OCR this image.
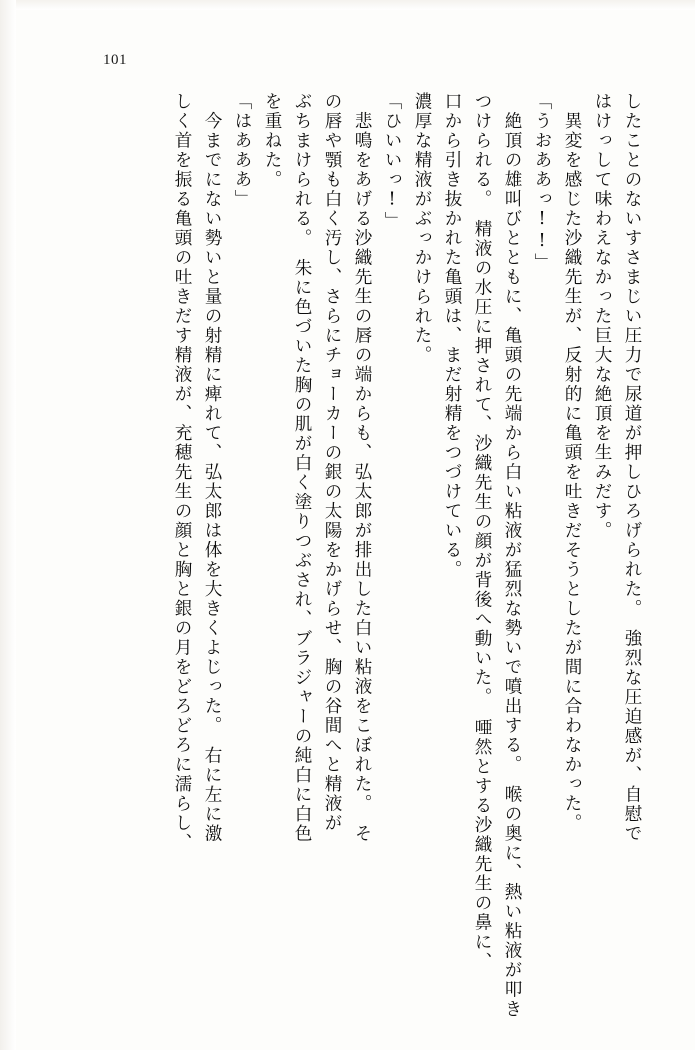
101
したことのないすさまじい圧力で尿道が押しひろげられた。　強烈な圧迫感が、自慰で
はけっして味わえなかった巨大な絶頂を生みだす。
　異変を感じた沙織先生が、反射的に亀頭を吐きだそうとしたが間に合わなかった。
「うおああっ!!」
　絶頂の雄叫びとともに、亀頭の先端から白い粘液が猛烈な勢いで噴出する。　喉の奥に、熱い粘液が叩き
つけられる。　精液の水圧に押されて、沙織先生の顔が背後へ動いた。　唖然とする沙織先生の鼻に、
口から引き抜かれた亀頭は、まだ射精をつづけている。
濃厚な精液がぶっかけられた。
「ひいいっ!」
　悲鳴をあげる沙織先生の唇の端からも、弘太郎が排出した白い粘液をこぼれた。　そ
の唇や顎も白く汚し、さらにチョーカーの銀の太陽をかげらせ、胸の谷間へと精液が
ぶちまけられる。　朱に色づいた胸の肌が白く塗りつぶされ、ブラジャーの純白に白色
を重ねた。
「はあああ」
　今までにない勢いと量の射精に痺れて、弘太郎は体を大きくよじった。　右に左に激
しく首を振る亀頭の吐きだす精液が、充穂先生の顔と胸と銀の月をどろどろに濡らし、
